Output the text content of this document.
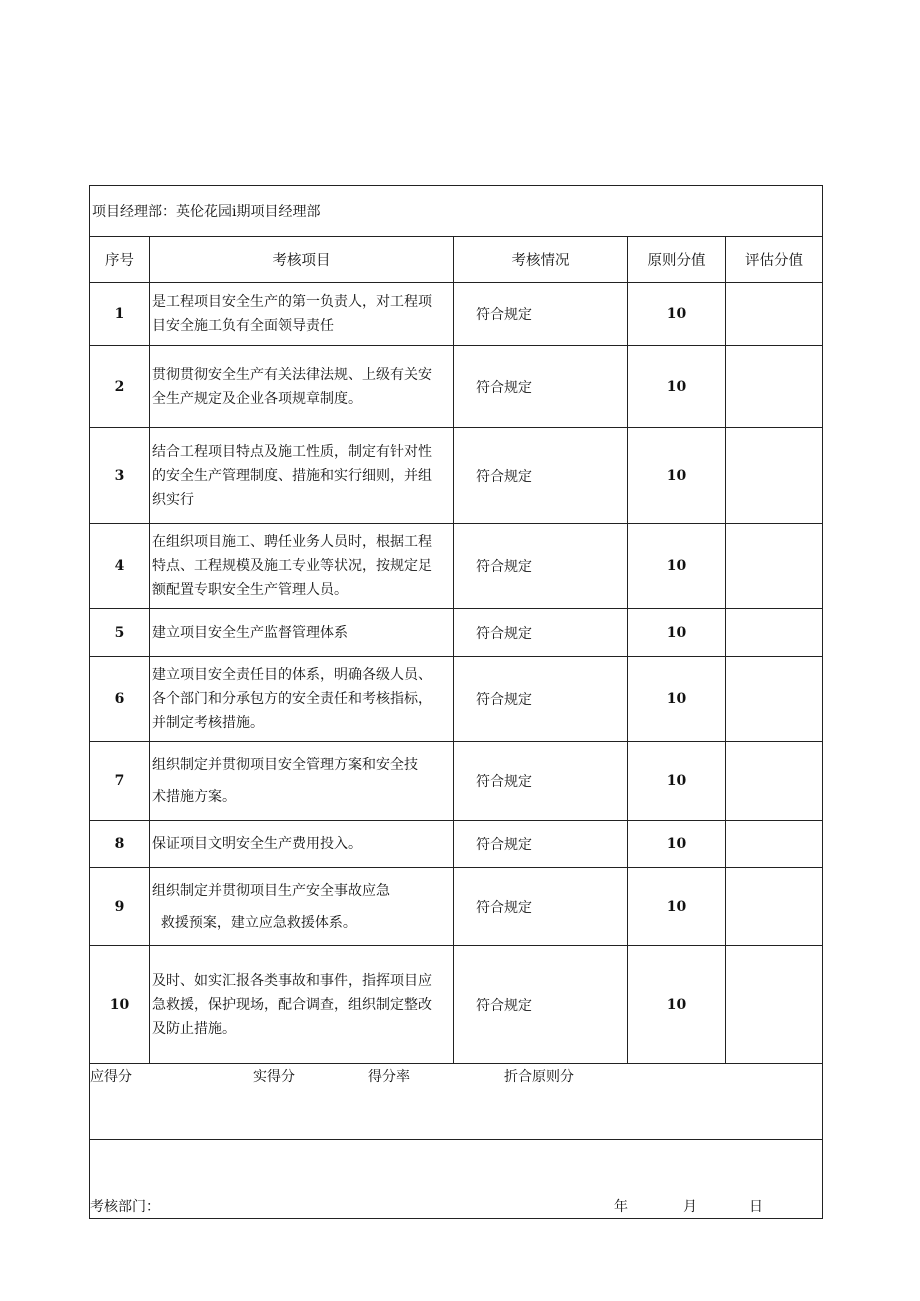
项目经理部：英伦花园ⅰ期项目经理部				
序号	考核项目	考核情况	原则分值	评估分值
1	是工程项目安全生产的第一负责人，对工程项
目安全施工负有全面领导责任	符合规定	10	
2	贯彻贯彻安全生产有关法律法规、上级有关安
全生产规定及企业各项规章制度。	符合规定	10	
3	结合工程项目特点及施工性质，制定有针对性
的安全生产管理制度、措施和实行细则，并组
织实行	符合规定	10	
4	在组织项目施工、聘任业务人员时，根据工程
特点、工程规模及施工专业等状况，按规定足
额配置专职安全生产管理人员。	符合规定	10	
5	建立项目安全生产监督管理体系	符合规定	10	
6	建立项目安全责任目的体系，明确各级人员、
各个部门和分承包方的安全责任和考核指标，
并制定考核措施。	符合规定	10	
7	组织制定并贯彻项目安全管理方案和安全技
术措施方案。	符合规定	10	
8	保证项目文明安全生产费用投入。	符合规定	10	
9	组织制定并贯彻项目生产安全事故应急
救援预案，建立应急救援体系。	符合规定	10	
10	及时、如实汇报各类事故和事件，指挥项目应
急救援，保护现场，配合调查，组织制定整改
及防止措施。	符合规定	10	

应得分 实得分 得分率 折合原则分				

考核部门： 年 月 日				
